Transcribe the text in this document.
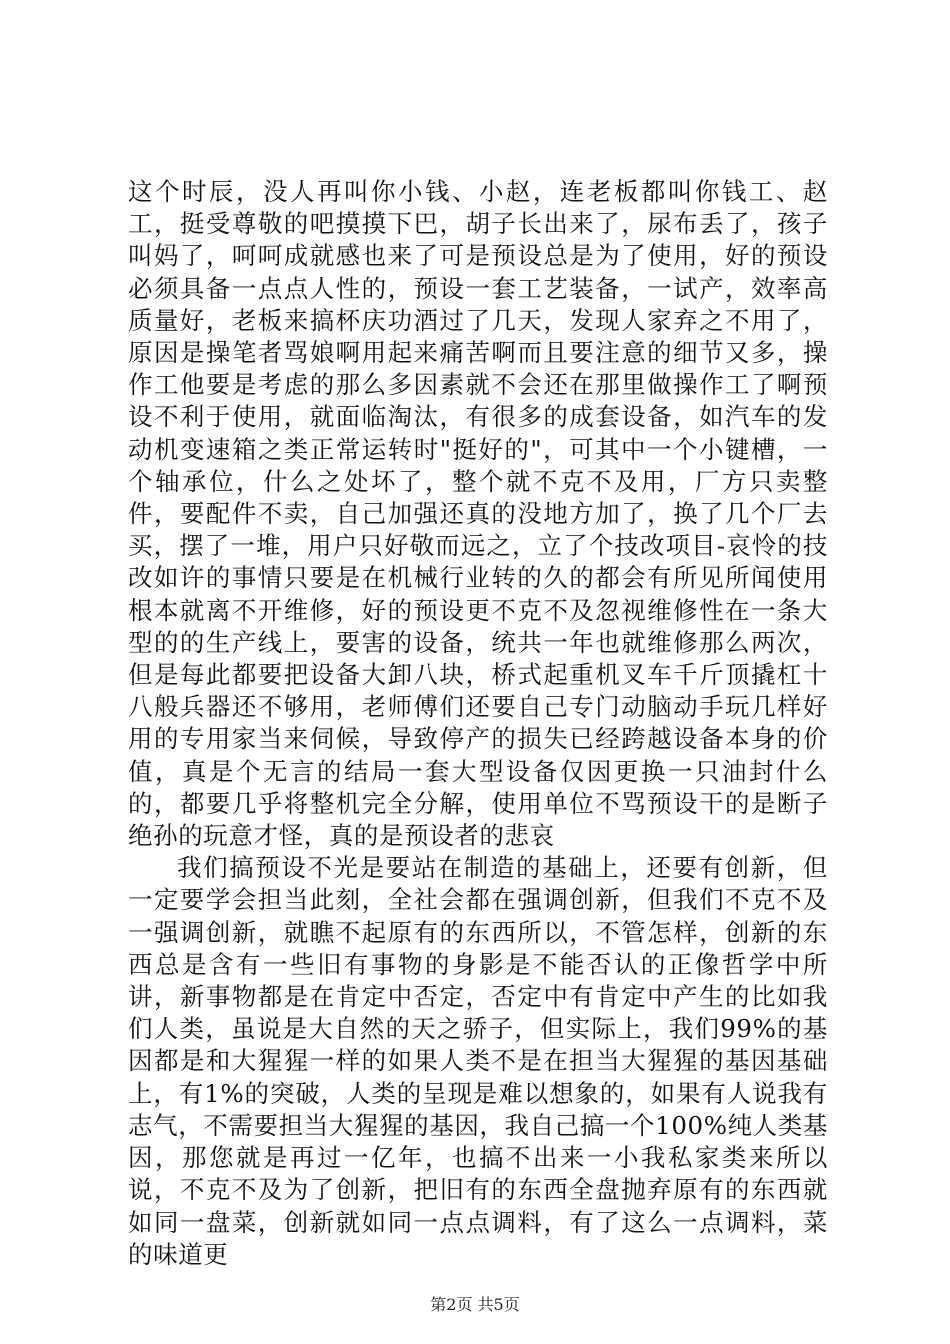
这个时辰，没人再叫你小钱、小赵，连老板都叫你钱工、赵工，挺受尊敬的吧摸摸下巴，胡子长出来了，尿布丢了，孩子叫妈了，呵呵成就感也来了可是预设总是为了使用，好的预设必须具备一点点人性的，预设一套工艺装备，一试产，效率高质量好，老板来搞杯庆功酒过了几天，发现人家弃之不用了，原因是操笔者骂娘啊用起来痛苦啊而且要注意的细节又多，操作工他要是考虑的那么多因素就不会还在那里做操作工了啊预设不利于使用，就面临淘汰，有很多的成套设备，如汽车的发动机变速箱之类正常运转时"挺好的"，可其中一个小键槽，一个轴承位，什么之处坏了，整个就不克不及用，厂方只卖整件，要配件不卖，自己加强还真的没地方加了，换了几个厂去买，摆了一堆，用户只好敬而远之，立了个技改项目-哀怜的技改如许的事情只要是在机械行业转的久的都会有所见所闻使用根本就离不开维修，好的预设更不克不及忽视维修性在一条大型的的生产线上，要害的设备，统共一年也就维修那么两次，但是每此都要把设备大卸八块，桥式起重机叉车千斤顶撬杠十八般兵器还不够用，老师傅们还要自己专门动脑动手玩几样好用的专用家当来伺候，导致停产的损失已经跨越设备本身的价值，真是个无言的结局一套大型设备仅因更换一只油封什么的，都要几乎将整机完全分解，使用单位不骂预设干的是断子绝孙的玩意才怪，真的是预设者的悲哀

我们搞预设不光是要站在制造的基础上，还要有创新，但一定要学会担当此刻，全社会都在强调创新，但我们不克不及一强调创新，就瞧不起原有的东西所以，不管怎样，创新的东西总是含有一些旧有事物的身影是不能否认的正像哲学中所讲，新事物都是在肯定中否定，否定中有肯定中产生的比如我们人类，虽说是大自然的天之骄子，但实际上，我们99%的基因都是和大猩猩一样的如果人类不是在担当大猩猩的基因基础上，有1%的突破，人类的呈现是难以想象的，如果有人说我有志气，不需要担当大猩猩的基因，我自己搞一个100%纯人类基因，那您就是再过一亿年，也搞不出来一小我私家类来所以说，不克不及为了创新，把旧有的东西全盘抛弃原有的东西就如同一盘菜，创新就如同一点点调料，有了这么一点调料，菜的味道更

第2页 共5页
